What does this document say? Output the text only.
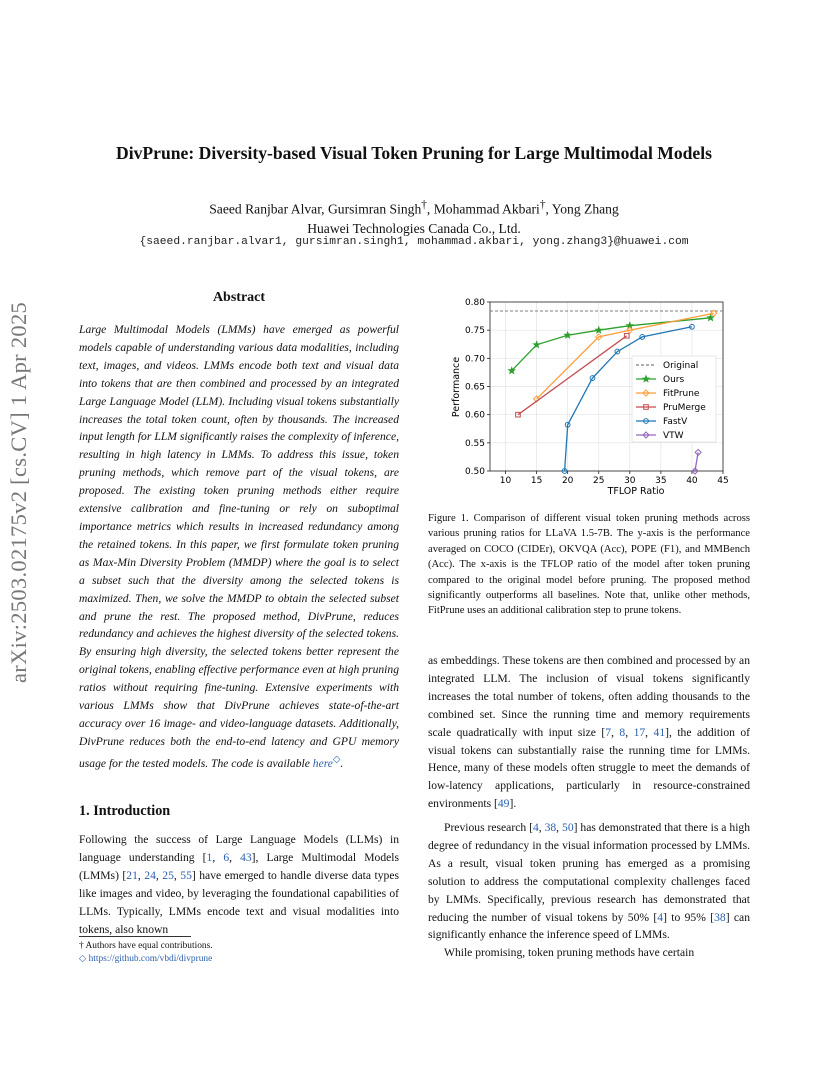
arXiv:2503.02175v2 [cs.CV] 1 Apr 2025
DivPrune: Diversity-based Visual Token Pruning for Large Multimodal Models
Saeed Ranjbar Alvar, Gursimran Singh†, Mohammad Akbari†, Yong Zhang
Huawei Technologies Canada Co., Ltd.
{saeed.ranjbar.alvar1, gursimran.singh1, mohammad.akbari, yong.zhang3}@huawei.com
Abstract
Large Multimodal Models (LMMs) have emerged as powerful models capable of understanding various data modalities, including text, images, and videos. LMMs encode both text and visual data into tokens that are then combined and processed by an integrated Large Language Model (LLM). Including visual tokens substantially increases the total token count, often by thousands. The increased input length for LLM significantly raises the complexity of inference, resulting in high latency in LMMs. To address this issue, token pruning methods, which remove part of the visual tokens, are proposed. The existing token pruning methods either require extensive calibration and fine-tuning or rely on suboptimal importance metrics which results in increased redundancy among the retained tokens. In this paper, we first formulate token pruning as Max-Min Diversity Problem (MMDP) where the goal is to select a subset such that the diversity among the selected tokens is maximized. Then, we solve the MMDP to obtain the selected subset and prune the rest. The proposed method, DivPrune, reduces redundancy and achieves the highest diversity of the selected tokens. By ensuring high diversity, the selected tokens better represent the original tokens, enabling effective performance even at high pruning ratios without requiring fine-tuning. Extensive experiments with various LMMs show that DivPrune achieves state-of-the-art accuracy over 16 image- and video-language datasets. Additionally, DivPrune reduces both the end-to-end latency and GPU memory usage for the tested models. The code is available here◇.
1. Introduction
Following the success of Large Language Models (LLMs) in language understanding [1, 6, 43], Large Multimodal Models (LMMs) [21, 24, 25, 55] have emerged to handle diverse data types like images and video, by leveraging the foundational capabilities of LLMs. Typically, LMMs encode text and visual modalities into tokens, also known
† Authors have equal contributions.
◇ https://github.com/vbdi/divprune
0.50
0.55
0.60
0.65
0.70
0.75
0.80
10 15 20 25 30 35 40 45
TFLOP Ratio
Performance	Original
Ours
FitPrune
PruMerge
FastV
VTW
Figure 1. Comparison of different visual token pruning methods across various pruning ratios for LLaVA 1.5-7B. The y-axis is the performance averaged on COCO (CIDEr), OKVQA (Acc), POPE (F1), and MMBench (Acc). The x-axis is the TFLOP ratio of the model after token pruning compared to the original model before pruning. The proposed method significantly outperforms all baselines. Note that, unlike other methods, FitPrune uses an additional calibration step to prune tokens.
as embeddings. These tokens are then combined and processed by an integrated LLM. The inclusion of visual tokens significantly increases the total number of tokens, often adding thousands to the combined set. Since the running time and memory requirements scale quadratically with input size [7, 8, 17, 41], the addition of visual tokens can substantially raise the running time for LMMs. Hence, many of these models often struggle to meet the demands of low-latency applications, particularly in resource-constrained environments [49].
Previous research [4, 38, 50] has demonstrated that there is a high degree of redundancy in the visual information processed by LMMs. As a result, visual token pruning has emerged as a promising solution to address the computational complexity challenges faced by LMMs. Specifically, previous research has demonstrated that reducing the number of visual tokens by 50% [4] to 95% [38] can significantly enhance the inference speed of LMMs.
While promising, token pruning methods have certain
